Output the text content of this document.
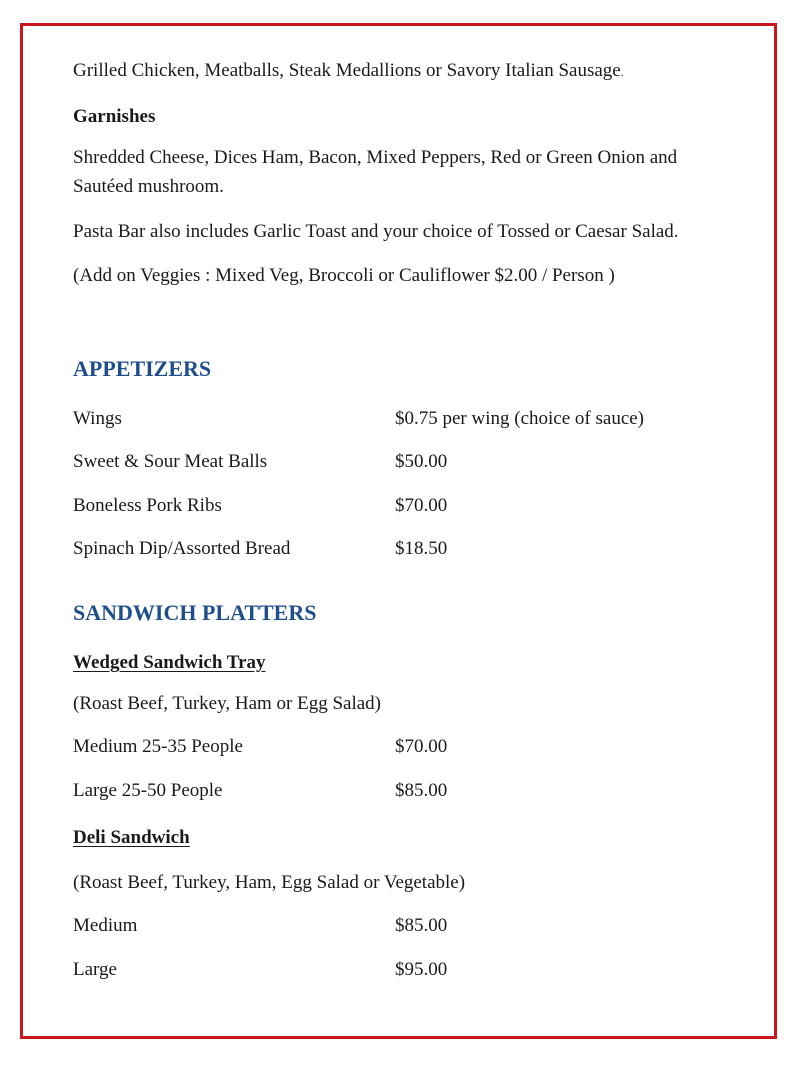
Grilled Chicken, Meatballs, Steak Medallions or Savory Italian Sausage.
Garnishes
Shredded Cheese, Dices Ham, Bacon, Mixed Peppers, Red or Green Onion and
Sautéed mushroom.
Pasta Bar also includes Garlic Toast and your choice of Tossed or Caesar Salad.
(Add on Veggies : Mixed Veg, Broccoli or Cauliflower $2.00 / Person )
APPETIZERS
Wings	$0.75 per wing (choice of sauce)
Sweet & Sour Meat Balls	$50.00
Boneless Pork Ribs	$70.00
Spinach Dip/Assorted Bread	$18.50
SANDWICH PLATTERS
Wedged Sandwich Tray
(Roast Beef, Turkey, Ham or Egg Salad)
Medium 25-35 People	$70.00
Large 25-50 People	$85.00
Deli Sandwich
(Roast Beef, Turkey, Ham, Egg Salad or Vegetable)
Medium	$85.00
Large	$95.00
